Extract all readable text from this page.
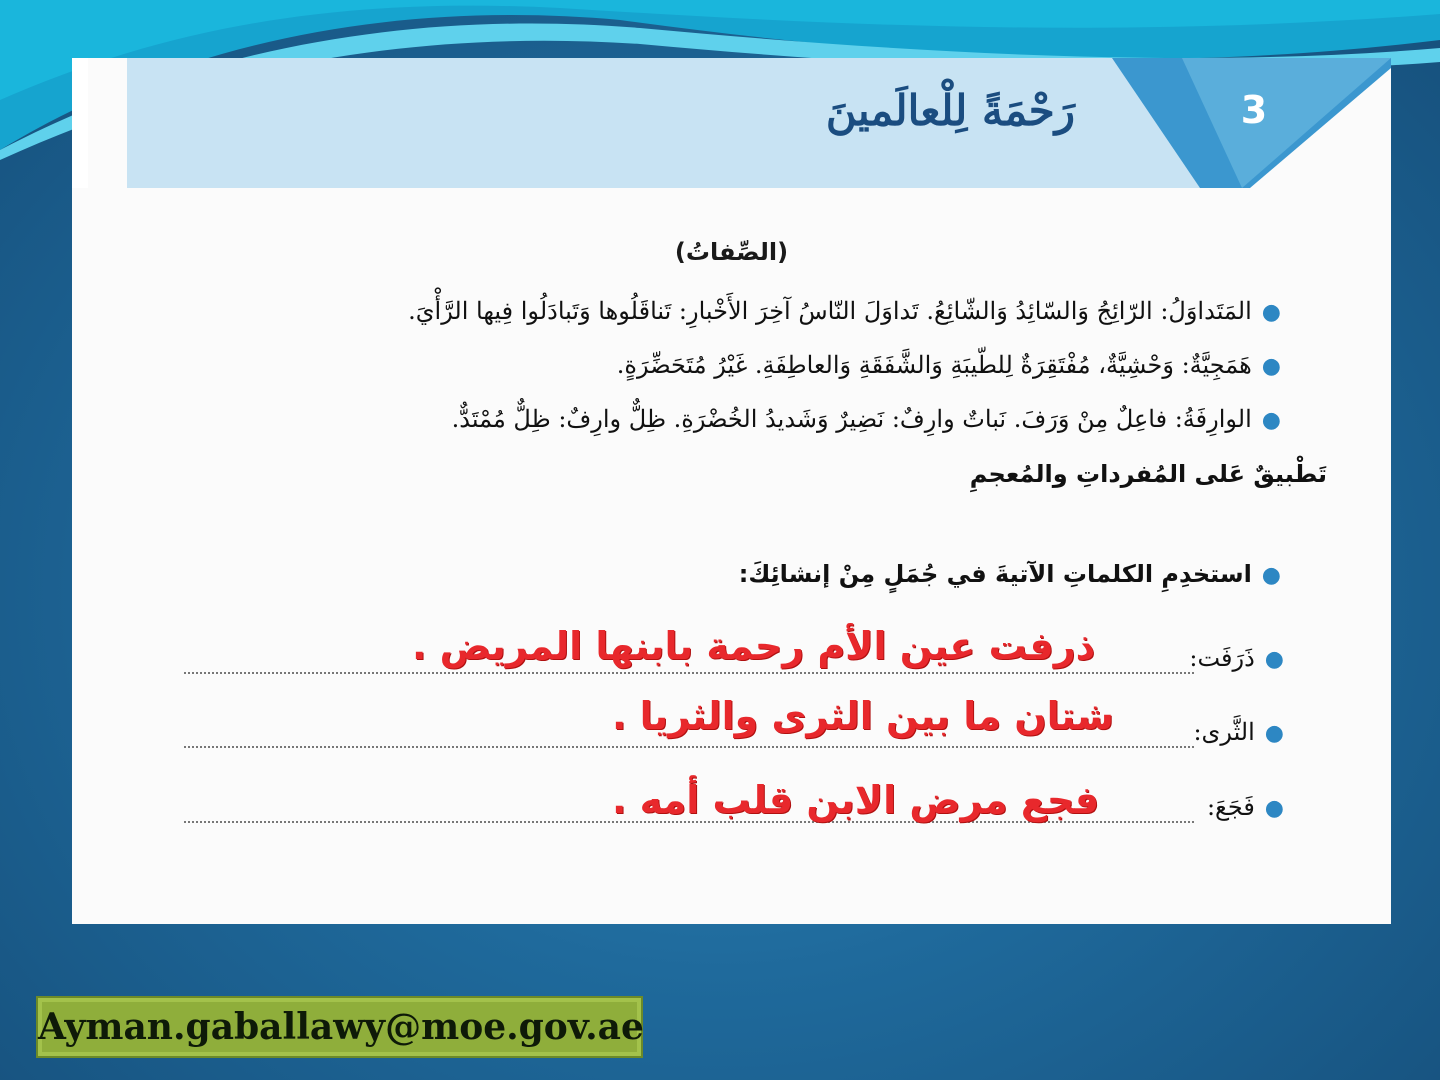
3
رَحْمَةً لِلْعالَمينَ
(الصِّفاتُ)
●المَتَداوَلُ: الرّائِجُ وَالسّائِدُ وَالشّائِعُ. تَداوَلَ النّاسُ آخِرَ الأَخْبارِ: تَناقَلُوها وَتَبادَلُوا فِيها الرَّأْيَ.
●هَمَجِيَّةٌ: وَحْشِيَّةٌ، مُفْتَقِرَةٌ لِلطّيبَةِ وَالشَّفَقَةِ وَالعاطِفَةِ. غَيْرُ مُتَحَضِّرَةٍ.
●الوارِفَةُ: فاعِلٌ مِنْ وَرَفَ. نَباتٌ وارِفٌ: نَضِيرٌ وَشَديدُ الخُضْرَةِ. ظِلٌّ وارِفٌ: ظِلٌّ مُمْتَدٌّ.
تَطْبيقٌ عَلى المُفرداتِ والمُعجمِ
●استخدِمِ الكلماتِ الآتيةَ في جُمَلٍ مِنْ إنشائِكَ:
●ذَرَفَت:
ذرفت عين الأم رحمة بابنها المريض .
●الثَّرى:
شتان ما بين الثرى والثريا .
●فَجَعَ:
فجع مرض الابن قلب أمه .
Ayman.gaballawy@moe.gov.ae
